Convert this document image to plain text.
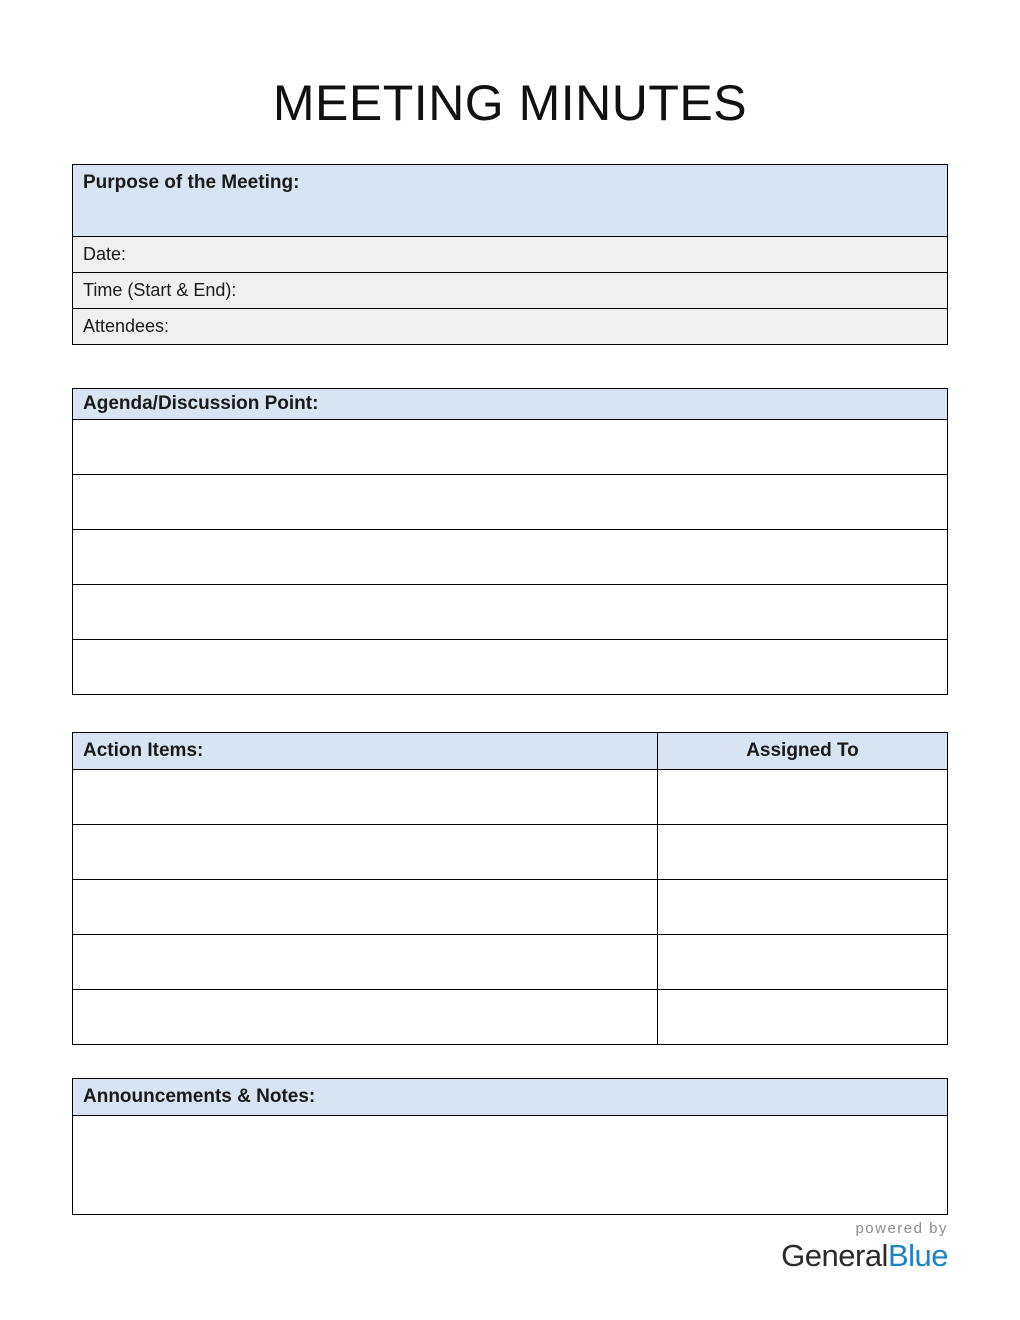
MEETING MINUTES
Purpose of the Meeting:
Date:
Time (Start & End):
Attendees:
Agenda/Discussion Point:
Action Items:	Assigned To
Announcements & Notes:
powered by
GeneralBlue
